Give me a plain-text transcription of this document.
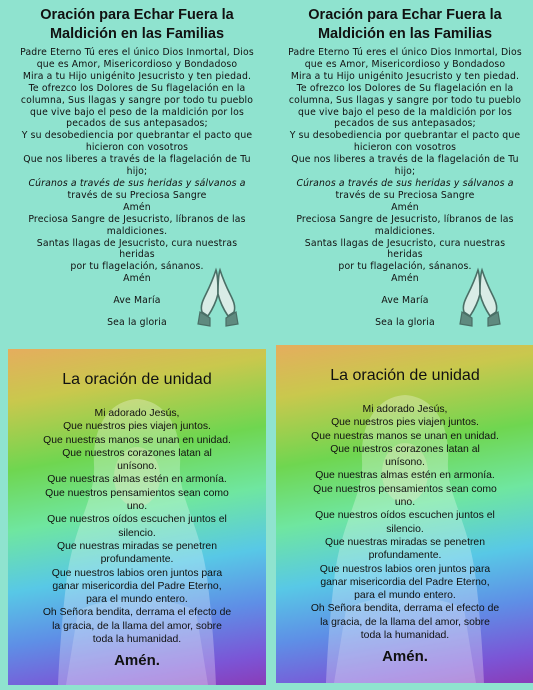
Oración para Echar Fuera la
Maldición en las Familias
Padre Eterno Tú eres el único Dios Inmortal, Dios
que es Amor, Misericordioso y Bondadoso
Mira a tu Hijo unigénito Jesucristo y ten piedad.
Te ofrezco los Dolores de Su flagelación en la
columna, Sus llagas y sangre por todo tu pueblo
que vive bajo el peso de la maldición por los
pecados de sus antepasados;
Y su desobediencia por quebrantar el pacto que
hicieron con vosotros
Que nos liberes a través de la flagelación de Tu
hijo;
Cúranos a través de sus heridas y sálvanos a
través de su Preciosa Sangre
Amén
Preciosa Sangre de Jesucristo, líbranos de las
maldiciones.
Santas llagas de Jesucristo, cura nuestras
heridas
por tu flagelación, sánanos.
Amén
Ave María
Sea la gloria
Oración para Echar Fuera la
Maldición en las Familias
Padre Eterno Tú eres el único Dios Inmortal, Dios
que es Amor, Misericordioso y Bondadoso
Mira a tu Hijo unigénito Jesucristo y ten piedad.
Te ofrezco los Dolores de Su flagelación en la
columna, Sus llagas y sangre por todo tu pueblo
que vive bajo el peso de la maldición por los
pecados de sus antepasados;
Y su desobediencia por quebrantar el pacto que
hicieron con vosotros
Que nos liberes a través de la flagelación de Tu
hijo;
Cúranos a través de sus heridas y sálvanos a
través de su Preciosa Sangre
Amén
Preciosa Sangre de Jesucristo, líbranos de las
maldiciones.
Santas llagas de Jesucristo, cura nuestras
heridas
por tu flagelación, sánanos.
Amén
Ave María
Sea la gloria
La oración de unidad
Mi adorado Jesús,
Que nuestros pies viajen juntos.
Que nuestras manos se unan en unidad.
Que nuestros corazones latan al
unísono.
Que nuestras almas estén en armonía.
Que nuestros pensamientos sean como
uno.
Que nuestros oídos escuchen juntos el
silencio.
Que nuestras miradas se penetren
profundamente.
Que nuestros labios oren juntos para
ganar misericordia del Padre Eterno,
para el mundo entero.
Oh Señora bendita, derrama el efecto de
la gracia, de la llama del amor, sobre
toda la humanidad.
Amén.
La oración de unidad
Mi adorado Jesús,
Que nuestros pies viajen juntos.
Que nuestras manos se unan en unidad.
Que nuestros corazones latan al
unísono.
Que nuestras almas estén en armonía.
Que nuestros pensamientos sean como
uno.
Que nuestros oídos escuchen juntos el
silencio.
Que nuestras miradas se penetren
profundamente.
Que nuestros labios oren juntos para
ganar misericordia del Padre Eterno,
para el mundo entero.
Oh Señora bendita, derrama el efecto de
la gracia, de la llama del amor, sobre
toda la humanidad.
Amén.
